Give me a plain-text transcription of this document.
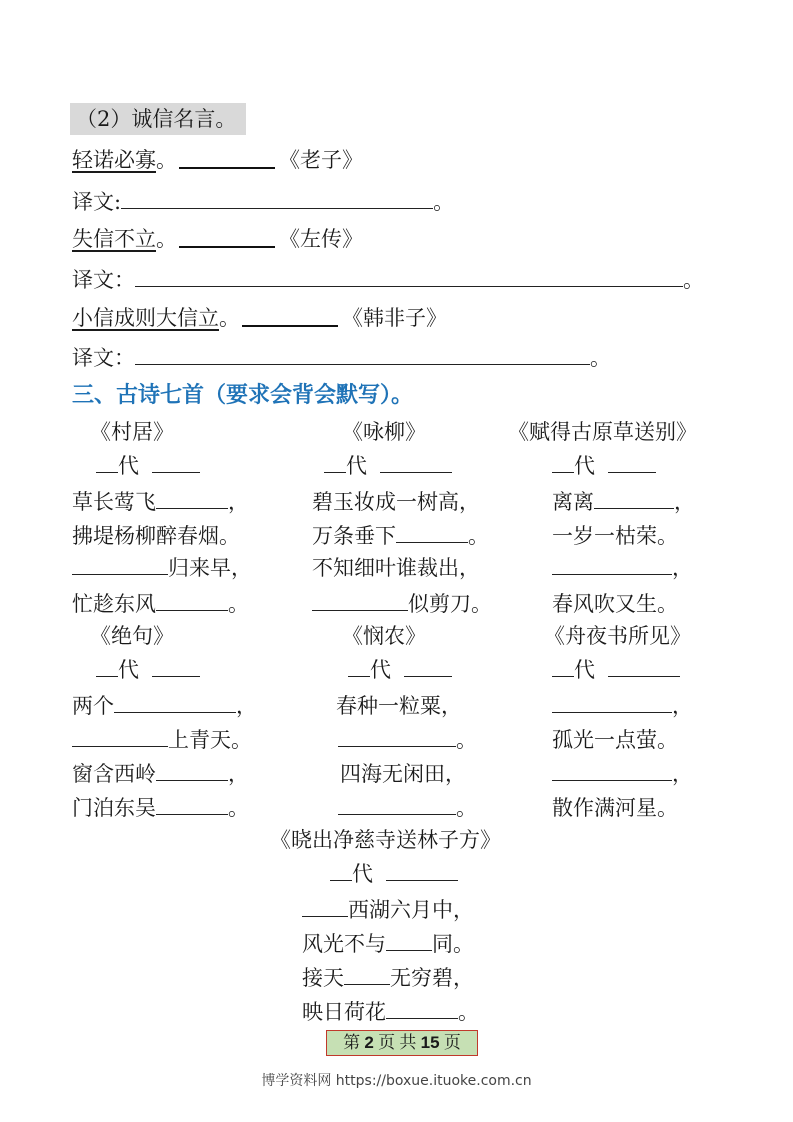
（2）诚信名言。
轻诺必寡。	《老子》
译文:	。
失信不立。	《左传》
译文：	。
小信成则大信立。	《韩非子》
译文：	。
三、古诗七首（要求会背会默写）。
《村居》
代
草长莺飞	，
拂堤杨柳醉春烟。
归来早，
忙趁东风	。
《咏柳》
代
碧玉妆成一树高，
万条垂下	。
不知细叶谁裁出，
似剪刀。
《赋得古原草送别》
代
离离	，
一岁一枯荣。
，
春风吹又生。
《绝句》
代
两个	，
上青天。
窗含西岭	，
门泊东吴	。
《悯农》
代
春种一粒粟，
。
四海无闲田，
。
《舟夜书所见》
代
，
孤光一点萤。
，
散作满河星。
《晓出净慈寺送林子方》
代
西湖六月中，
风光不与 同。
接天 无穷碧，
映日荷花	。
第 2 页 共 15 页
博学资料网 https://boxue.ituoke.com.cn
